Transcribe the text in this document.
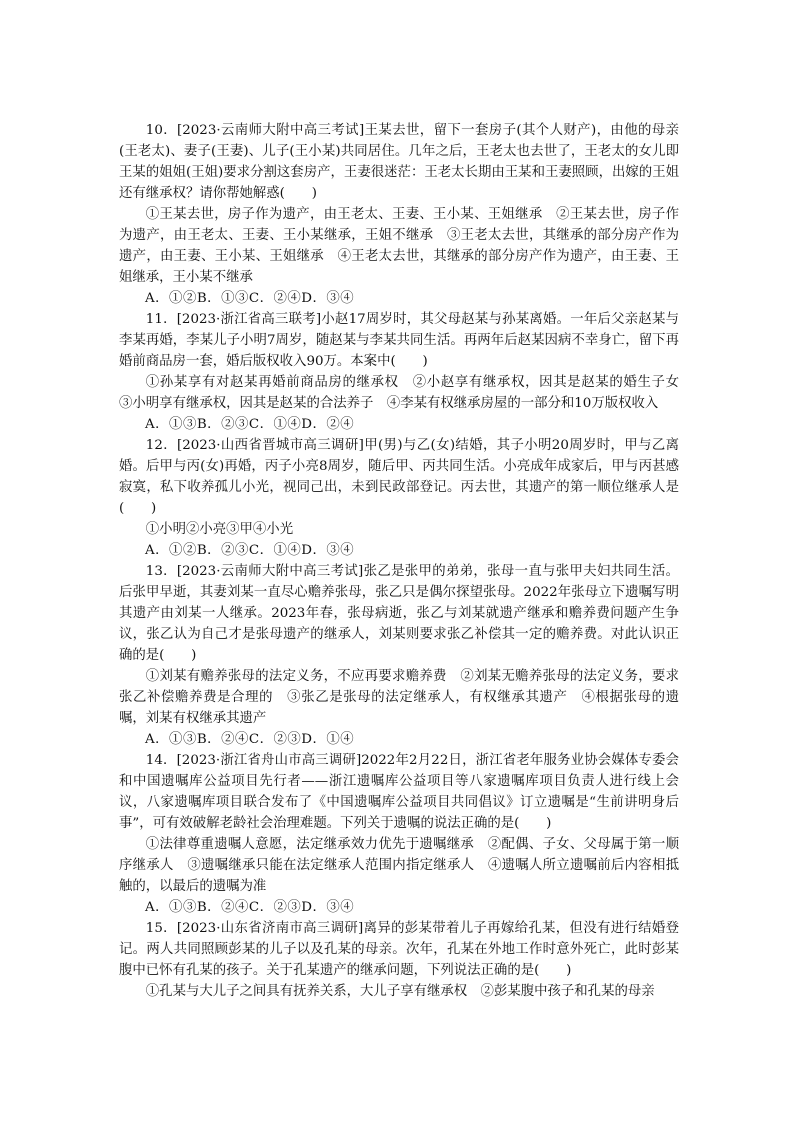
10．[2023·云南师大附中高三考试]王某去世，留下一套房子(其个人财产)，由他的母亲(王老太)、妻子(王妻)、儿子(王小某)共同居住。几年之后，王老太也去世了，王老太的女儿即王某的姐姐(王姐)要求分割这套房产，王妻很迷茫：王老太长期由王某和王妻照顾，出嫁的王姐还有继承权？请你帮她解惑(　　)

①王某去世，房子作为遗产，由王老太、王妻、王小某、王姐继承　②王某去世，房子作为遗产，由王老太、王妻、王小某继承，王姐不继承　③王老太去世，其继承的部分房产作为遗产，由王妻、王小某、王姐继承　④王老太去世，其继承的部分房产作为遗产，由王妻、王姐继承，王小某不继承

A．①②B．①③C．②④D．③④

11．[2023·浙江省高三联考]小赵17周岁时，其父母赵某与孙某离婚。一年后父亲赵某与李某再婚，李某儿子小明7周岁，随赵某与李某共同生活。再两年后赵某因病不幸身亡，留下再婚前商品房一套，婚后版权收入90万。本案中(　　)

①孙某享有对赵某再婚前商品房的继承权　②小赵享有继承权，因其是赵某的婚生子女　③小明享有继承权，因其是赵某的合法养子　④李某有权继承房屋的一部分和10万版权收入

A．①③B．②③C．①④D．②④

12．[2023·山西省晋城市高三调研]甲(男)与乙(女)结婚，其子小明20周岁时，甲与乙离婚。后甲与丙(女)再婚，丙子小亮8周岁，随后甲、丙共同生活。小亮成年成家后，甲与丙甚感寂寞，私下收养孤儿小光，视同己出，未到民政部登记。丙去世，其遗产的第一顺位继承人是(　　)

①小明②小亮③甲④小光

A．①②B．②③C．①④D．③④

13．[2023·云南师大附中高三考试]张乙是张甲的弟弟，张母一直与张甲夫妇共同生活。后张甲早逝，其妻刘某一直尽心赡养张母，张乙只是偶尔探望张母。2022年张母立下遗嘱写明其遗产由刘某一人继承。2023年春，张母病逝，张乙与刘某就遗产继承和赡养费问题产生争议，张乙认为自己才是张母遗产的继承人，刘某则要求张乙补偿其一定的赡养费。对此认识正确的是(　　)

①刘某有赡养张母的法定义务，不应再要求赡养费　②刘某无赡养张母的法定义务，要求张乙补偿赡养费是合理的　③张乙是张母的法定继承人，有权继承其遗产　④根据张母的遗嘱，刘某有权继承其遗产

A．①③B．②④C．②③D．①④

14．[2023·浙江省舟山市高三调研]2022年2月22日，浙江省老年服务业协会媒体专委会和中国遗嘱库公益项目先行者——浙江遗嘱库公益项目等八家遗嘱库项目负责人进行线上会议，八家遗嘱库项目联合发布了《中国遗嘱库公益项目共同倡议》订立遗嘱是“生前讲明身后事”，可有效破解老龄社会治理难题。下列关于遗嘱的说法正确的是(　　)

①法律尊重遗嘱人意愿，法定继承效力优先于遗嘱继承　②配偶、子女、父母属于第一顺序继承人　③遗嘱继承只能在法定继承人范围内指定继承人　④遗嘱人所立遗嘱前后内容相抵触的，以最后的遗嘱为准

A．①③B．②④C．②③D．③④

15．[2023·山东省济南市高三调研]离异的彭某带着儿子再嫁给孔某，但没有进行结婚登记。两人共同照顾彭某的儿子以及孔某的母亲。次年，孔某在外地工作时意外死亡，此时彭某腹中已怀有孔某的孩子。关于孔某遗产的继承问题，下列说法正确的是(　　)

①孔某与大儿子之间具有抚养关系，大儿子享有继承权　②彭某腹中孩子和孔某的母亲
